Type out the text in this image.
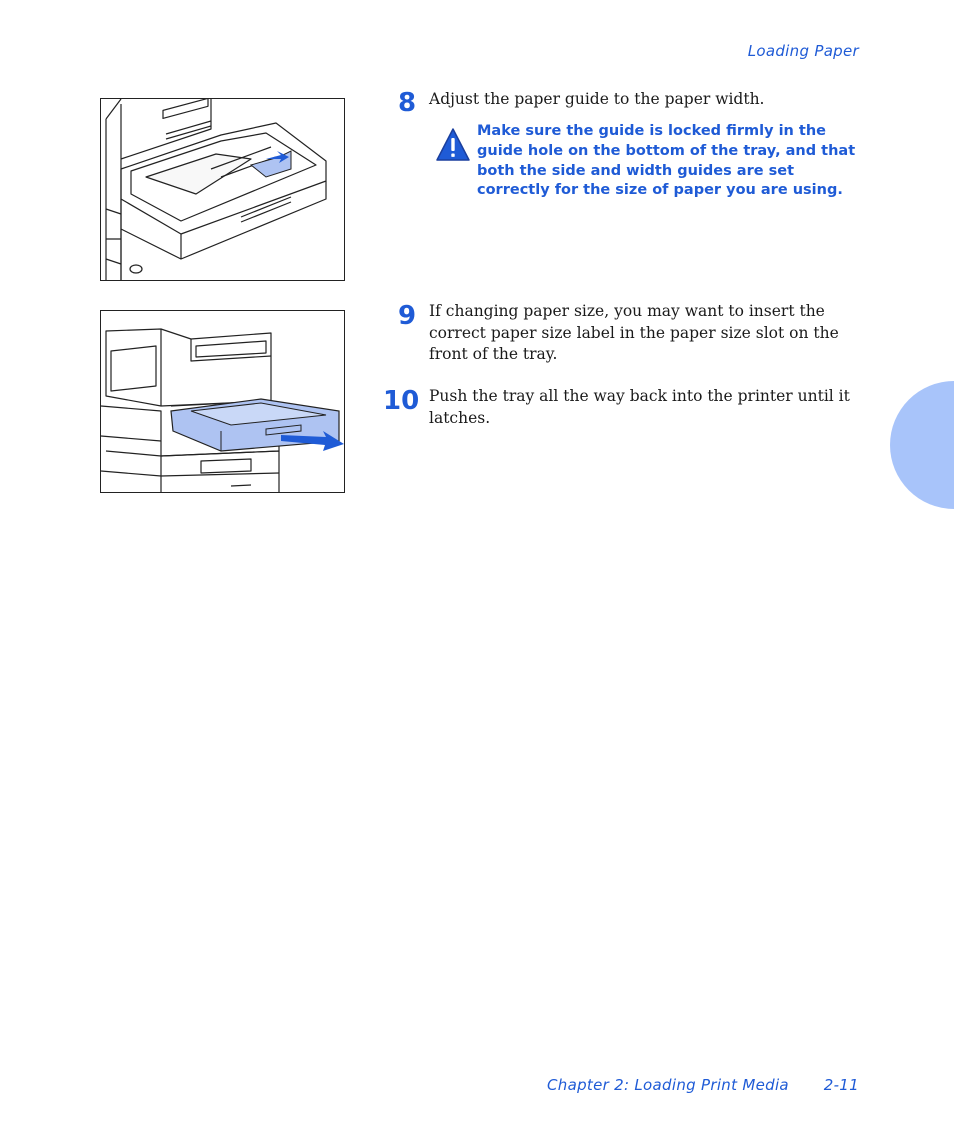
Loading Paper
8 Adjust the paper guide to the paper width.
Make sure the guide is locked firmly in the guide hole on the bottom of the tray, and that both the side and width guides are set correctly for the size of paper you are using.
9 If changing paper size, you may want to insert the correct paper size label in the paper size slot on the front of the tray.
10 Push the tray all the way back into the printer until it latches.
Chapter 2: Loading Print Media 2-11
